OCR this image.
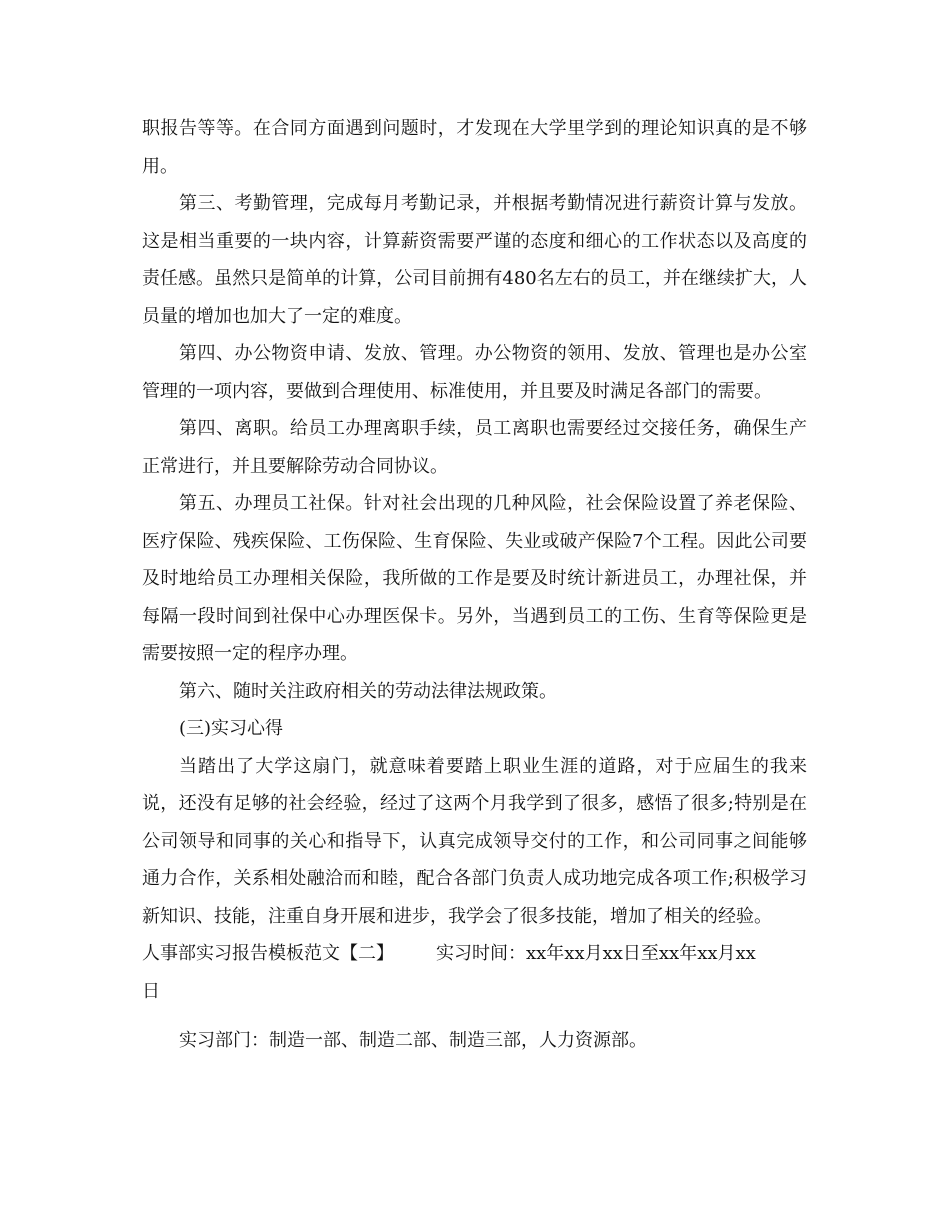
职报告等等。在合同方面遇到问题时，才发现在大学里学到的理论知识真的是不够用。

第三、考勤管理，完成每月考勤记录，并根据考勤情况进行薪资计算与发放。这是相当重要的一块内容，计算薪资需要严谨的态度和细心的工作状态以及高度的责任感。虽然只是简单的计算，公司目前拥有480名左右的员工，并在继续扩大，人员量的增加也加大了一定的难度。

第四、办公物资申请、发放、管理。办公物资的领用、发放、管理也是办公室管理的一项内容，要做到合理使用、标准使用，并且要及时满足各部门的需要。

第四、离职。给员工办理离职手续，员工离职也需要经过交接任务，确保生产正常进行，并且要解除劳动合同协议。

第五、办理员工社保。针对社会出现的几种风险，社会保险设置了养老保险、医疗保险、残疾保险、工伤保险、生育保险、失业或破产保险7个工程。因此公司要及时地给员工办理相关保险，我所做的工作是要及时统计新进员工，办理社保，并每隔一段时间到社保中心办理医保卡。另外，当遇到员工的工伤、生育等保险更是需要按照一定的程序办理。

第六、随时关注政府相关的劳动法律法规政策。

(三)实习心得

当踏出了大学这扇门，就意味着要踏上职业生涯的道路，对于应届生的我来说，还没有足够的社会经验，经过了这两个月我学到了很多，感悟了很多;特别是在公司领导和同事的关心和指导下，认真完成领导交付的工作，和公司同事之间能够通力合作，关系相处融洽而和睦，配合各部门负责人成功地完成各项工作;积极学习新知识、技能，注重自身开展和进步，我学会了很多技能，增加了相关的经验。

人事部实习报告模板范文【二】 实习时间：xx年xx月xx日至xx年xx月xx

日

实习部门：制造一部、制造二部、制造三部，人力资源部。
